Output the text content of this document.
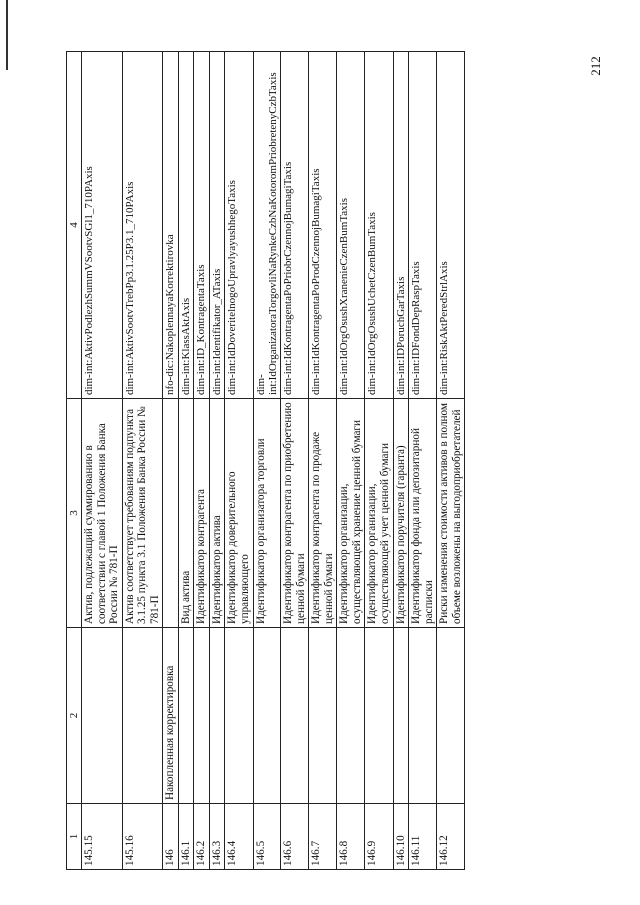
212
1	2	3	4
145.15		Актив, подлежащий суммированию в соответствии с главой 1 Положения Банка России № 781-П	dim-int:AktivPodlezhSummVSootvSGl1_710PAxis
145.16		Актив соответствует требованиям подпункта 3.1.25 пункта 3.1 Положения Банка России № 781-П	dim-int:AktivSootvTrebPp3.1.25P3.1_710PAxis
146	Накопленная корректировка		nfo-dic:NakoplennayaKorrektirovka
146.1		Вид актива	dim-int:KlassAktAxis
146.2		Идентификатор контрагента	dim-int:ID_KontragentaTaxis
146.3		Идентификатор актива	dim-int:Identifikator_ATaxis
146.4		Идентификатор доверительного управляющего	dim-int:IdDoveritelnogoUpravlyayushhegoTaxis
146.5		Идентификатор организатора торговли	dim-int:IdOrganizatoraTorgovliNaRynkeCzbNaKotoromPriobretenyCzbTaxis
146.6		Идентификатор контрагента по приобретению ценной бумаги	dim-int:IdKontragentaPoPriobrCzennojBumagiTaxis
146.7		Идентификатор контрагента по продаже ценной бумаги	dim-int:IdKontragentaPoProdCzennojBumagiTaxis
146.8		Идентификатор организации, осуществляющей хранение ценной бумаги	dim-int:IdOrgOsushXranenieCzenBumTaxis
146.9		Идентификатор организации, осуществляющей учет ценной бумаги	dim-int:IdOrgOsushUchetCzenBumTaxis
146.10		Идентификатор поручителя (гаранта)	dim-int:IDPoruchGarTaxis
146.11		Идентификатор фонда или депозитарной расписки	dim-int:IDFondDepRaspTaxis
146.12		Риски изменения стоимости активов в полном объеме возложены на выгодоприобретателей	dim-int:RiskAktPeredStrlAxis
